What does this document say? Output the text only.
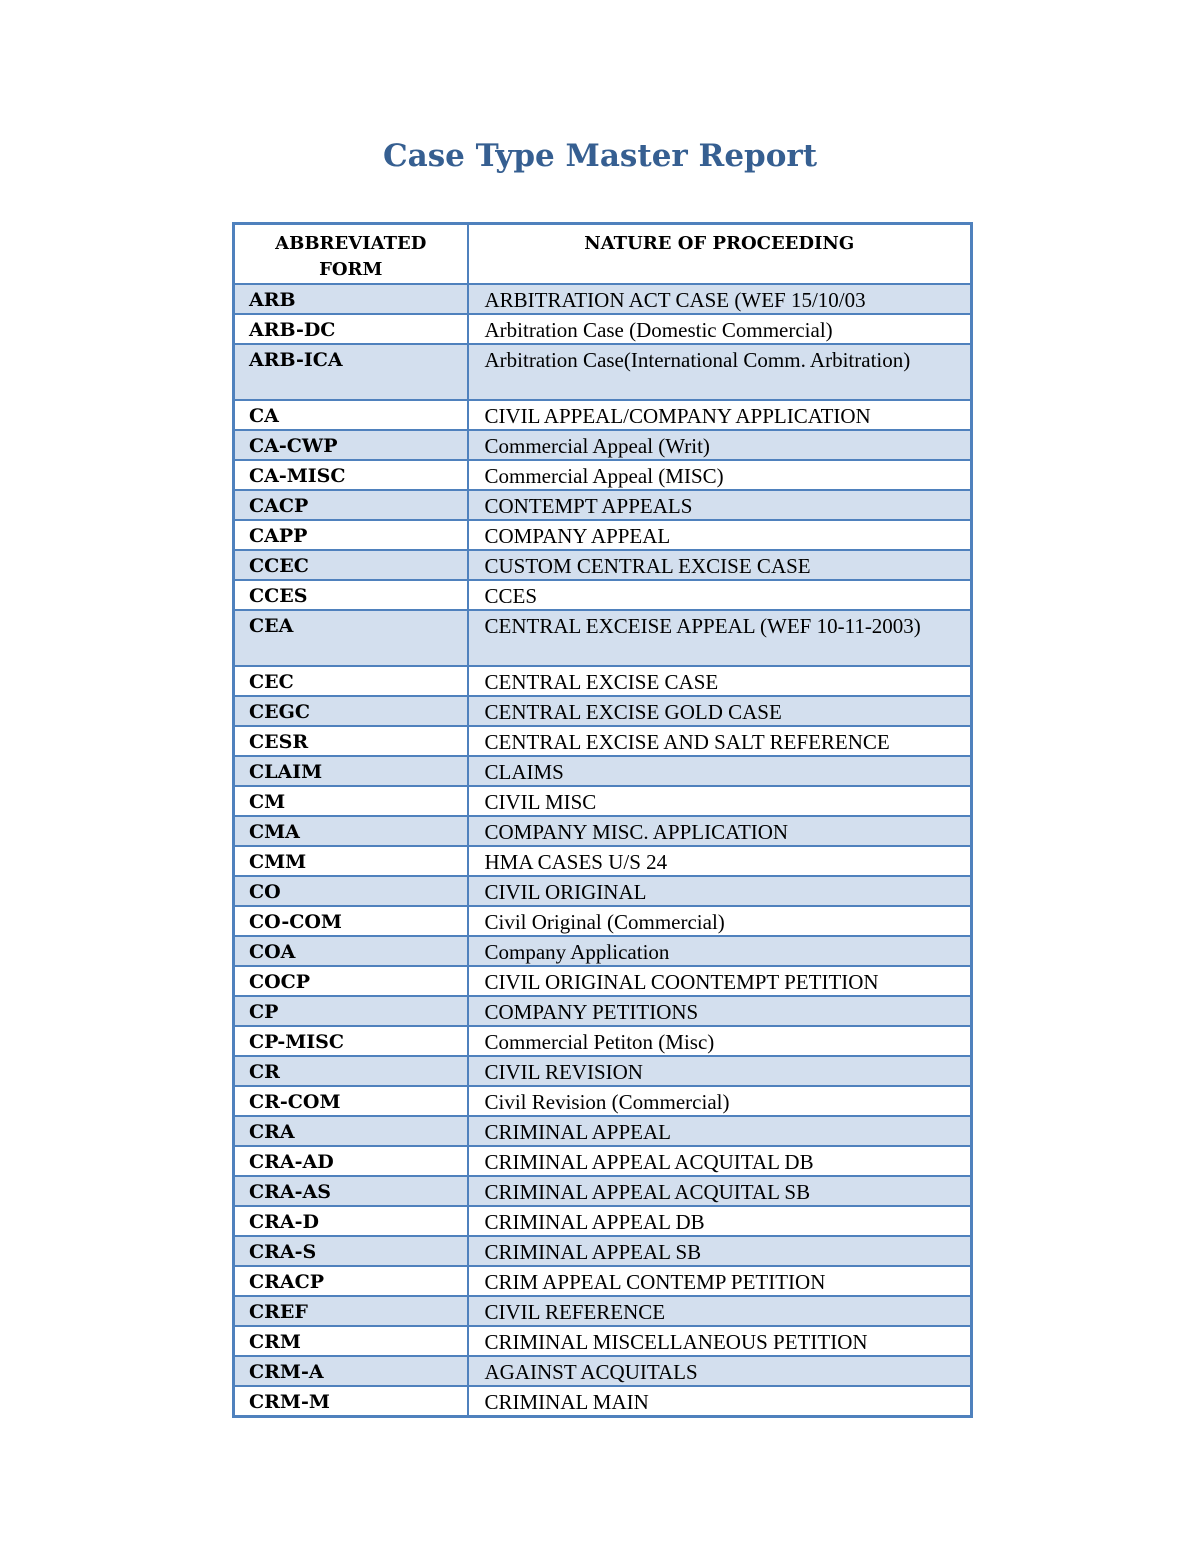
Case Type Master Report
ABBREVIATED FORM	NATURE OF PROCEEDING
ARB	ARBITRATION ACT CASE (WEF 15/10/03
ARB-DC	Arbitration Case (Domestic Commercial)
ARB-ICA	Arbitration Case(International Comm. Arbitration)
CA	CIVIL APPEAL/COMPANY APPLICATION
CA-CWP	Commercial Appeal (Writ)
CA-MISC	Commercial Appeal (MISC)
CACP	CONTEMPT APPEALS
CAPP	COMPANY APPEAL
CCEC	CUSTOM CENTRAL EXCISE CASE
CCES	CCES
CEA	CENTRAL EXCEISE APPEAL (WEF 10-11-2003)
CEC	CENTRAL EXCISE CASE
CEGC	CENTRAL EXCISE GOLD CASE
CESR	CENTRAL EXCISE AND SALT REFERENCE
CLAIM	CLAIMS
CM	CIVIL MISC
CMA	COMPANY MISC. APPLICATION
CMM	HMA CASES U/S 24
CO	CIVIL ORIGINAL
CO-COM	Civil Original (Commercial)
COA	Company Application
COCP	CIVIL ORIGINAL COONTEMPT PETITION
CP	COMPANY PETITIONS
CP-MISC	Commercial Petiton (Misc)
CR	CIVIL REVISION
CR-COM	Civil Revision (Commercial)
CRA	CRIMINAL APPEAL
CRA-AD	CRIMINAL APPEAL ACQUITAL DB
CRA-AS	CRIMINAL APPEAL ACQUITAL SB
CRA-D	CRIMINAL APPEAL DB
CRA-S	CRIMINAL APPEAL SB
CRACP	CRIM APPEAL CONTEMP PETITION
CREF	CIVIL REFERENCE
CRM	CRIMINAL MISCELLANEOUS PETITION
CRM-A	AGAINST ACQUITALS
CRM-M	CRIMINAL MAIN
